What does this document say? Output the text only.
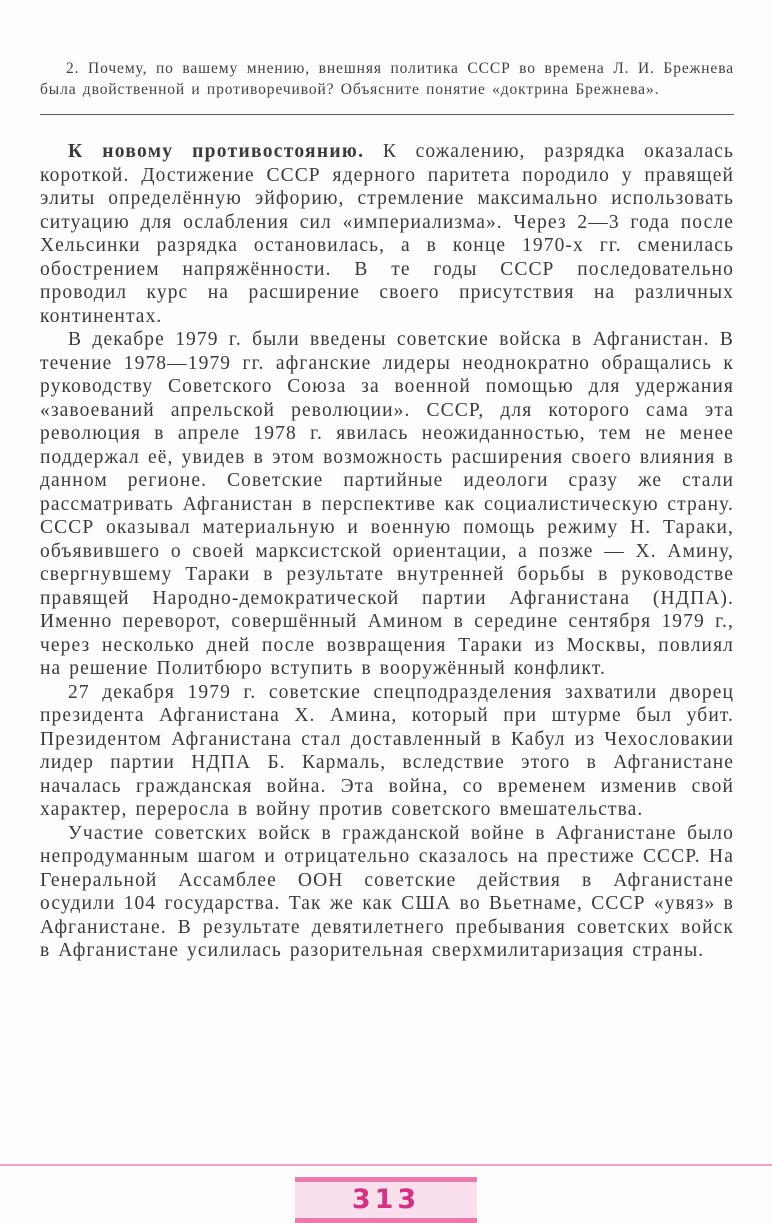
2. Почему, по вашему мнению, внешняя политика СССР во времена Л. И. Брежнева была двойственной и противоречивой? Объясните понятие «доктрина Брежнева».

К новому противостоянию. К сожалению, разрядка оказалась короткой. Достижение СССР ядерного паритета породило у правящей элиты определённую эйфорию, стремление максимально использовать ситуацию для ослабления сил «империализма». Через 2—3 года после Хельсинки разрядка остановилась, а в конце 1970-х гг. сменилась обострением напряжённости. В те годы СССР последовательно проводил курс на расширение своего присутствия на различных континентах.

В декабре 1979 г. были введены советские войска в Афганистан. В течение 1978—1979 гг. афганские лидеры неоднократно обращались к руководству Советского Союза за военной помощью для удержания «завоеваний апрельской революции». СССР, для которого сама эта революция в апреле 1978 г. явилась неожиданностью, тем не менее поддержал её, увидев в этом возможность расширения своего влияния в данном регионе. Советские партийные идеологи сразу же стали рассматривать Афганистан в перспективе как социалистическую страну. СССР оказывал материальную и военную помощь режиму Н. Тараки, объявившего о своей марксистской ориентации, а позже — Х. Амину, свергнувшему Тараки в результате внутренней борьбы в руководстве правящей Народно-демократической партии Афганистана (НДПА). Именно переворот, совершённый Амином в середине сентября 1979 г., через несколько дней после возвращения Тараки из Москвы, повлиял на решение Политбюро вступить в вооружённый конфликт.

27 декабря 1979 г. советские спецподразделения захватили дворец президента Афганистана Х. Амина, который при штурме был убит. Президентом Афганистана стал доставленный в Кабул из Чехословакии лидер партии НДПА Б. Кармаль, вследствие этого в Афганистане началась гражданская война. Эта война, со временем изменив свой характер, переросла в войну против советского вмешательства.

Участие советских войск в гражданской войне в Афганистане было непродуманным шагом и отрицательно сказалось на престиже СССР. На Генеральной Ассамблее ООН советские действия в Афганистане осудили 104 государства. Так же как США во Вьетнаме, СССР «увяз» в Афганистане. В результате девятилетнего пребывания советских войск в Афганистане усилилась разорительная сверхмилитаризация страны.

313
